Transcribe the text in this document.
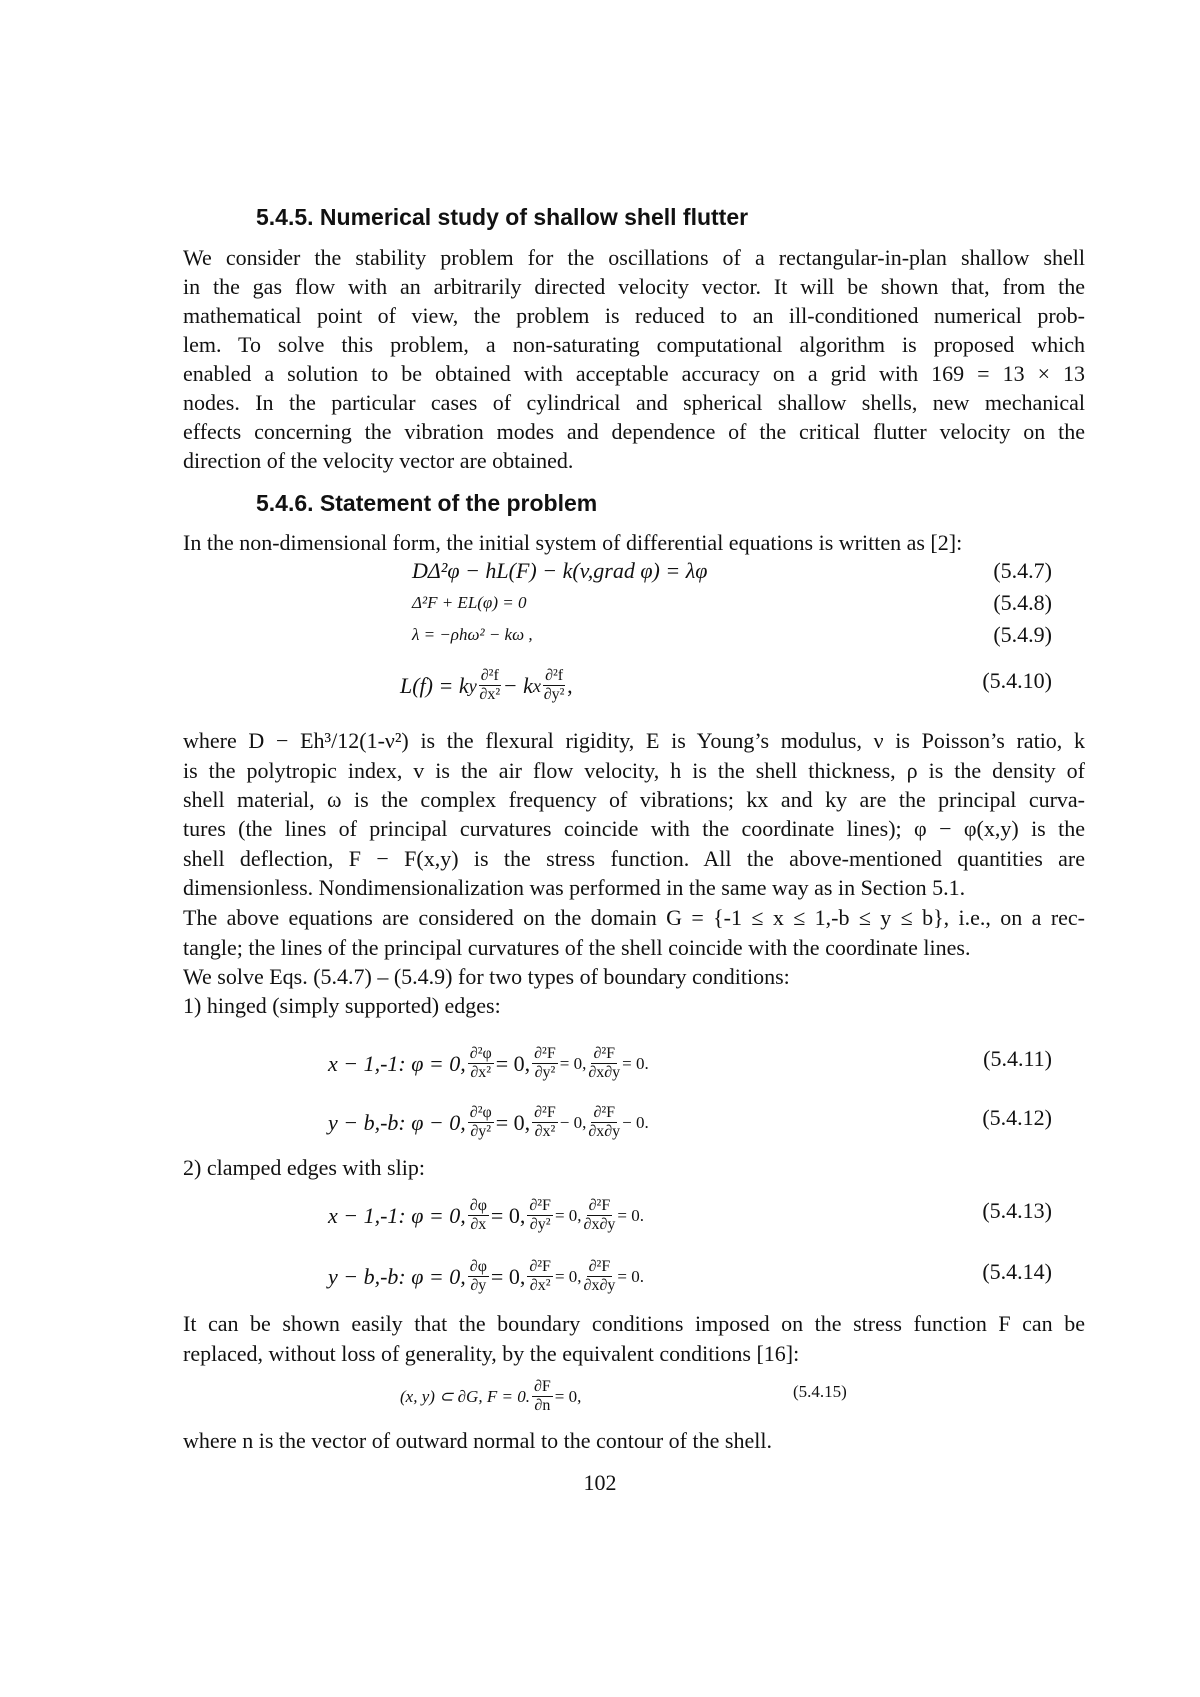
5.4.5. Numerical study of shallow shell flutter
We consider the stability problem for the oscillations of a rectangular-in-plan shallow shell
in the gas flow with an arbitrarily directed velocity vector. It will be shown that, from the
mathematical point of view, the problem is reduced to an ill-conditioned numerical prob-
lem. To solve this problem, a non-saturating computational algorithm is proposed which
enabled a solution to be obtained with acceptable accuracy on a grid with 169 = 13 × 13
nodes. In the particular cases of cylindrical and spherical shallow shells, new mechanical
effects concerning the vibration modes and dependence of the critical flutter velocity on the
direction of the velocity vector are obtained.
5.4.6. Statement of the problem
In the non-dimensional form, the initial system of differential equations is written as [2]:
DΔ²φ − hL(F) − k(v,grad φ) = λφ	(5.4.7)
Δ²F + EL(φ) = 0	(5.4.8)
λ = −ρhω² − kω ,	(5.4.9)
L(f) = k y ∂²f
∂x² − k x ∂²f
∂y² ,	(5.4.10)
where D − Eh³/12(1-ν²) is the flexural rigidity, E is Young’s modulus, ν is Poisson’s ratio, k
is the polytropic index, v is the air flow velocity, h is the shell thickness, ρ is the density of
shell material, ω is the complex frequency of vibrations; kx and ky are the principal curva-
tures (the lines of principal curvatures coincide with the coordinate lines); φ − φ(x,y) is the
shell deflection, F − F(x,y) is the stress function. All the above-mentioned quantities are
dimensionless. Nondimensionalization was performed in the same way as in Section 5.1.
The above equations are considered on the domain G = {-1 ≤ x ≤ 1,-b ≤ y ≤ b}, i.e., on a rec-
tangle; the lines of the principal curvatures of the shell coincide with the coordinate lines.
We solve Eqs. (5.4.7) – (5.4.9) for two types of boundary conditions:
1) hinged (simply supported) edges:
x − 1,-1: φ = 0, ∂²φ
∂x² = 0, ∂²F
∂y² = 0, ∂²F
∂x∂y = 0.	(5.4.11)
y − b,-b: φ − 0, ∂²φ
∂y² = 0, ∂²F
∂x² − 0, ∂²F
∂x∂y − 0.	(5.4.12)
2) clamped edges with slip:
x − 1,-1: φ = 0, ∂φ
∂x = 0, ∂²F
∂y² = 0, ∂²F
∂x∂y = 0.	(5.4.13)
y − b,-b: φ = 0, ∂φ
∂y = 0, ∂²F
∂x² = 0, ∂²F
∂x∂y = 0.	(5.4.14)
It can be shown easily that the boundary conditions imposed on the stress function F can be
replaced, without loss of generality, by the equivalent conditions [16]:
(x, y) ⊂ ∂G, F = 0. ∂F
∂n = 0,	(5.4.15)
where n is the vector of outward normal to the contour of the shell.
102
